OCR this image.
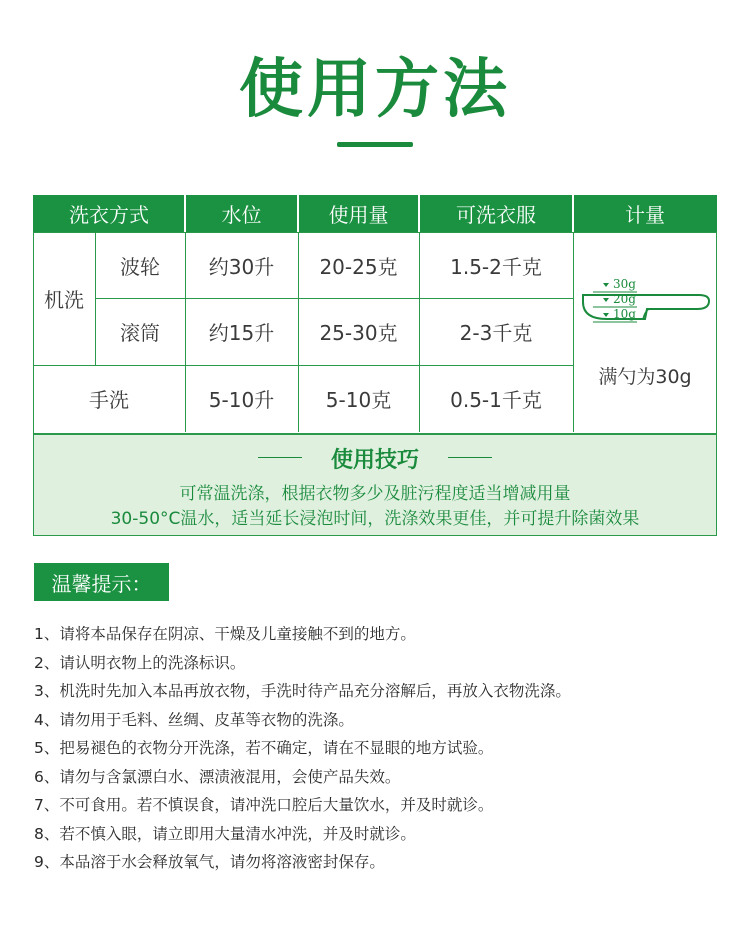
使用方法
洗衣方式	水位	使用量	可洗衣服	计量
机洗
波轮	约30升	20-25克	1.5-2千克
滚筒	约15升	25-30克	2-3千克
手洗	5-10升	5-10克	0.5-1千克
30g
20g
10g
满勺为30g
使用技巧
可常温洗涤，根据衣物多少及脏污程度适当增减用量
30-50°C温水，适当延长浸泡时间，洗涤效果更佳，并可提升除菌效果
温馨提示：
1、请将本品保存在阴凉、干燥及儿童接触不到的地方。
2、请认明衣物上的洗涤标识。
3、机洗时先加入本品再放衣物，手洗时待产品充分溶解后，再放入衣物洗涤。
4、请勿用于毛料、丝绸、皮革等衣物的洗涤。
5、把易褪色的衣物分开洗涤，若不确定，请在不显眼的地方试验。
6、请勿与含氯漂白水、漂渍液混用，会使产品失效。
7、不可食用。若不慎误食，请冲洗口腔后大量饮水，并及时就诊。
8、若不慎入眼，请立即用大量清水冲洗，并及时就诊。
9、本品溶于水会释放氧气，请勿将溶液密封保存。
